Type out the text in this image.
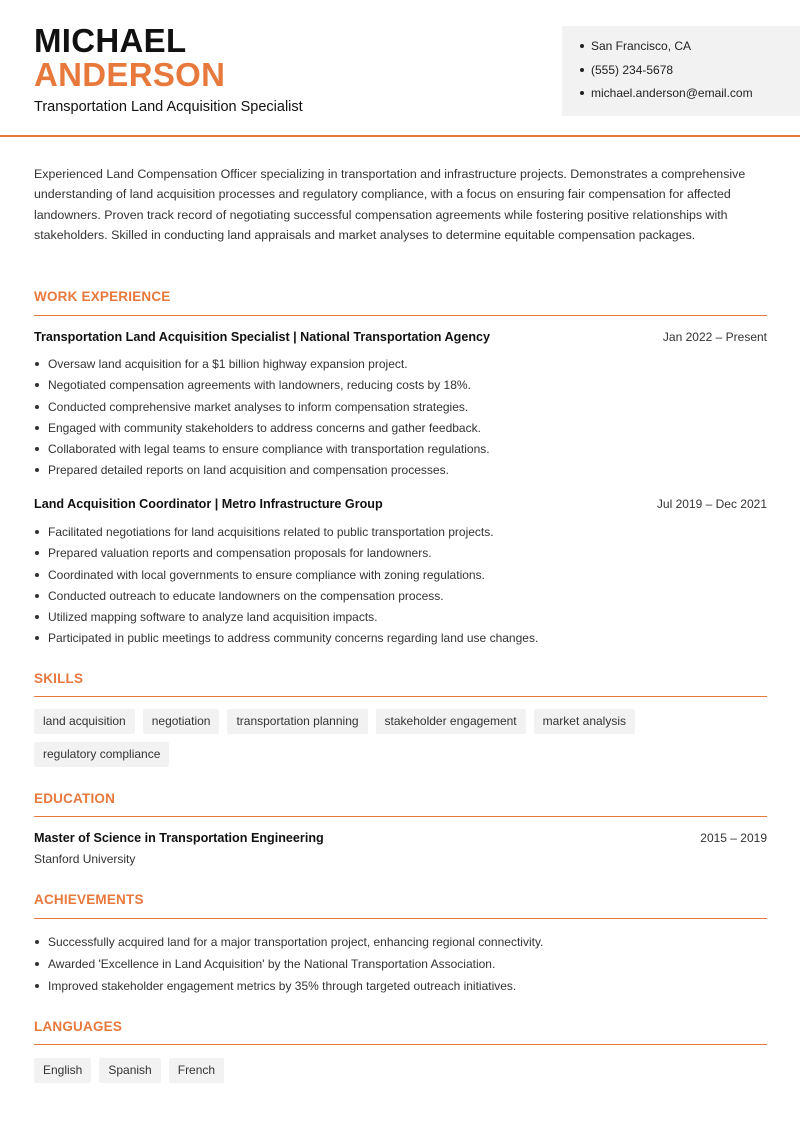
MICHAEL
ANDERSON
Transportation Land Acquisition Specialist
San Francisco, CA
(555) 234-5678
michael.anderson@email.com

Experienced Land Compensation Officer specializing in transportation and infrastructure projects. Demonstrates a comprehensive understanding of land acquisition processes and regulatory compliance, with a focus on ensuring fair compensation for affected landowners. Proven track record of negotiating successful compensation agreements while fostering positive relationships with stakeholders. Skilled in conducting land appraisals and market analyses to determine equitable compensation packages.

WORK EXPERIENCE
Transportation Land Acquisition Specialist | National Transportation Agency	Jan 2022 – Present
Oversaw land acquisition for a $1 billion highway expansion project.
Negotiated compensation agreements with landowners, reducing costs by 18%.
Conducted comprehensive market analyses to inform compensation strategies.
Engaged with community stakeholders to address concerns and gather feedback.
Collaborated with legal teams to ensure compliance with transportation regulations.
Prepared detailed reports on land acquisition and compensation processes.
Land Acquisition Coordinator | Metro Infrastructure Group	Jul 2019 – Dec 2021
Facilitated negotiations for land acquisitions related to public transportation projects.
Prepared valuation reports and compensation proposals for landowners.
Coordinated with local governments to ensure compliance with zoning regulations.
Conducted outreach to educate landowners on the compensation process.
Utilized mapping software to analyze land acquisition impacts.
Participated in public meetings to address community concerns regarding land use changes.
SKILLS
land acquisition	negotiation	transportation planning	stakeholder engagement	market analysis
regulatory compliance
EDUCATION
Master of Science in Transportation Engineering	2015 – 2019
Stanford University
ACHIEVEMENTS
Successfully acquired land for a major transportation project, enhancing regional connectivity.
Awarded 'Excellence in Land Acquisition' by the National Transportation Association.
Improved stakeholder engagement metrics by 35% through targeted outreach initiatives.
LANGUAGES
English	Spanish	French
